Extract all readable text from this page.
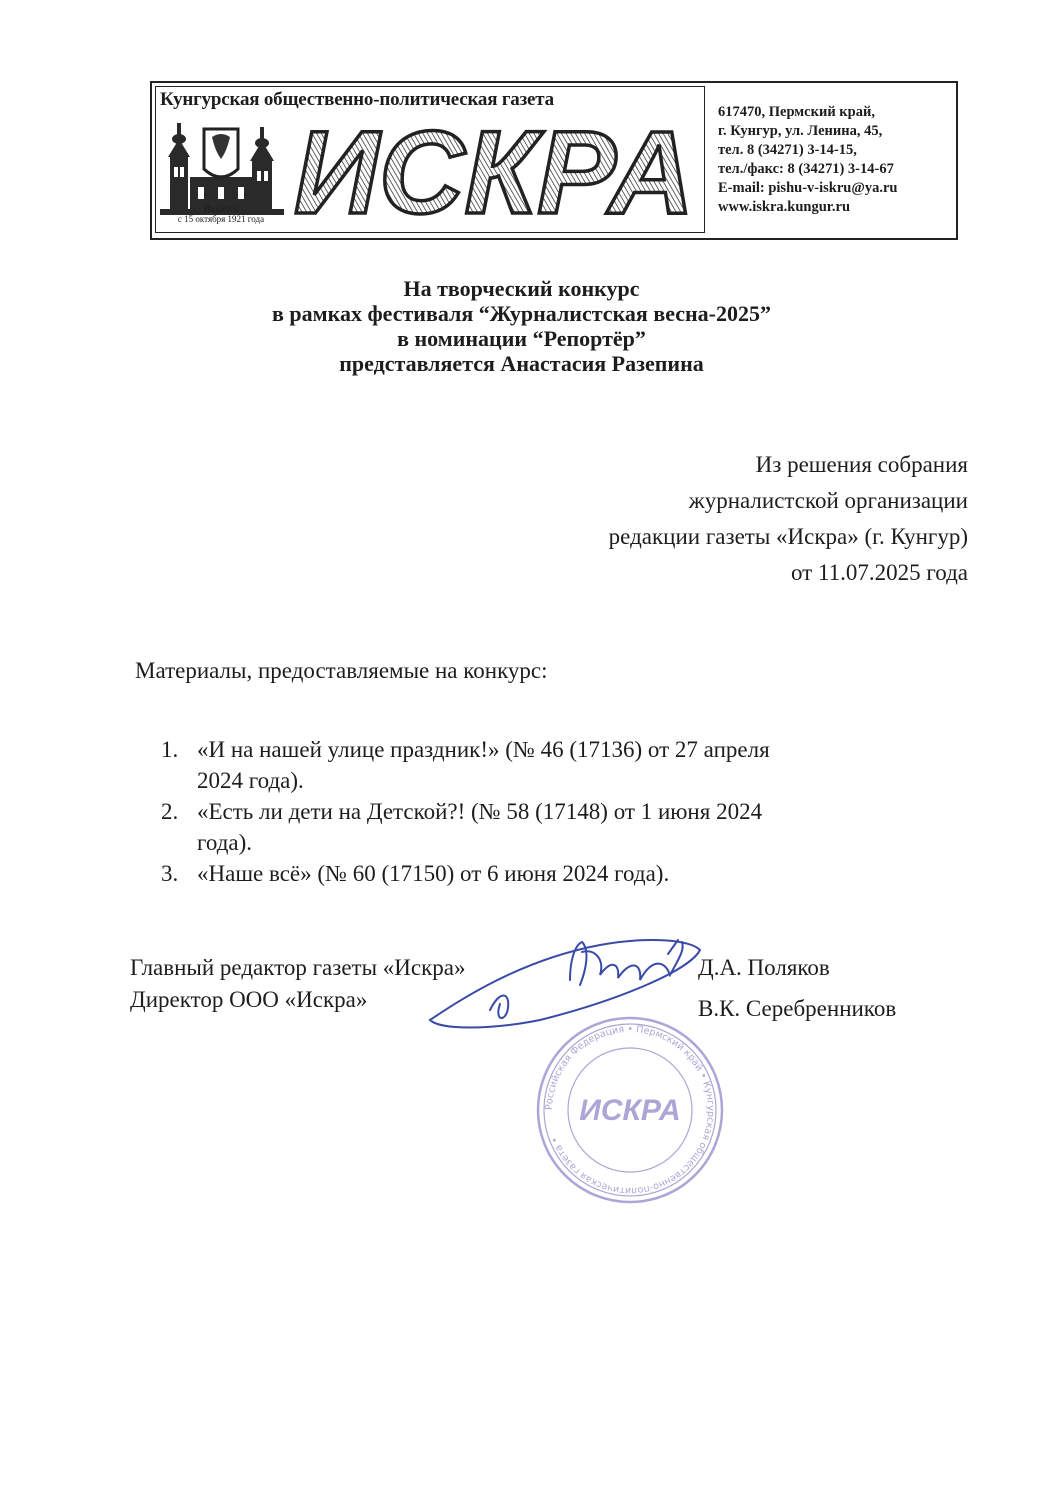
Кунгурская общественно-политическая газета
Издается
с 15 октября 1921 года ИСКРА 617470, Пермский край,
г. Кунгур, ул. Ленина, 45,
тел. 8 (34271) 3-14-15,
тел./факс: 8 (34271) 3-14-67
E-mail: pishu-v-iskru@ya.ru
www.iskra.kungur.ru
На творческий конкурс
в рамках фестиваля “Журналистская весна-2025”
в номинации “Репортёр”
представляется Анастасия Разепина
Из решения собрания
журналистской организации
редакции газеты «Искра» (г. Кунгур)
от 11.07.2025 года
Материалы, предоставляемые на конкурс:
1. «И на нашей улице праздник!» (№ 46 (17136) от 27 апреля
2024 года).
2. «Есть ли дети на Детской?! (№ 58 (17148) от 1 июня 2024
года).
3. «Наше всё» (№ 60 (17150) от 6 июня 2024 года).
Главный редактор газеты «Искра»	Д.А. Поляков
Директор ООО «Искра»	В.К. Серебренников
Российская Федерация • Пермский край • Кунгурская общественно-политическая газета •
ИСКРА
